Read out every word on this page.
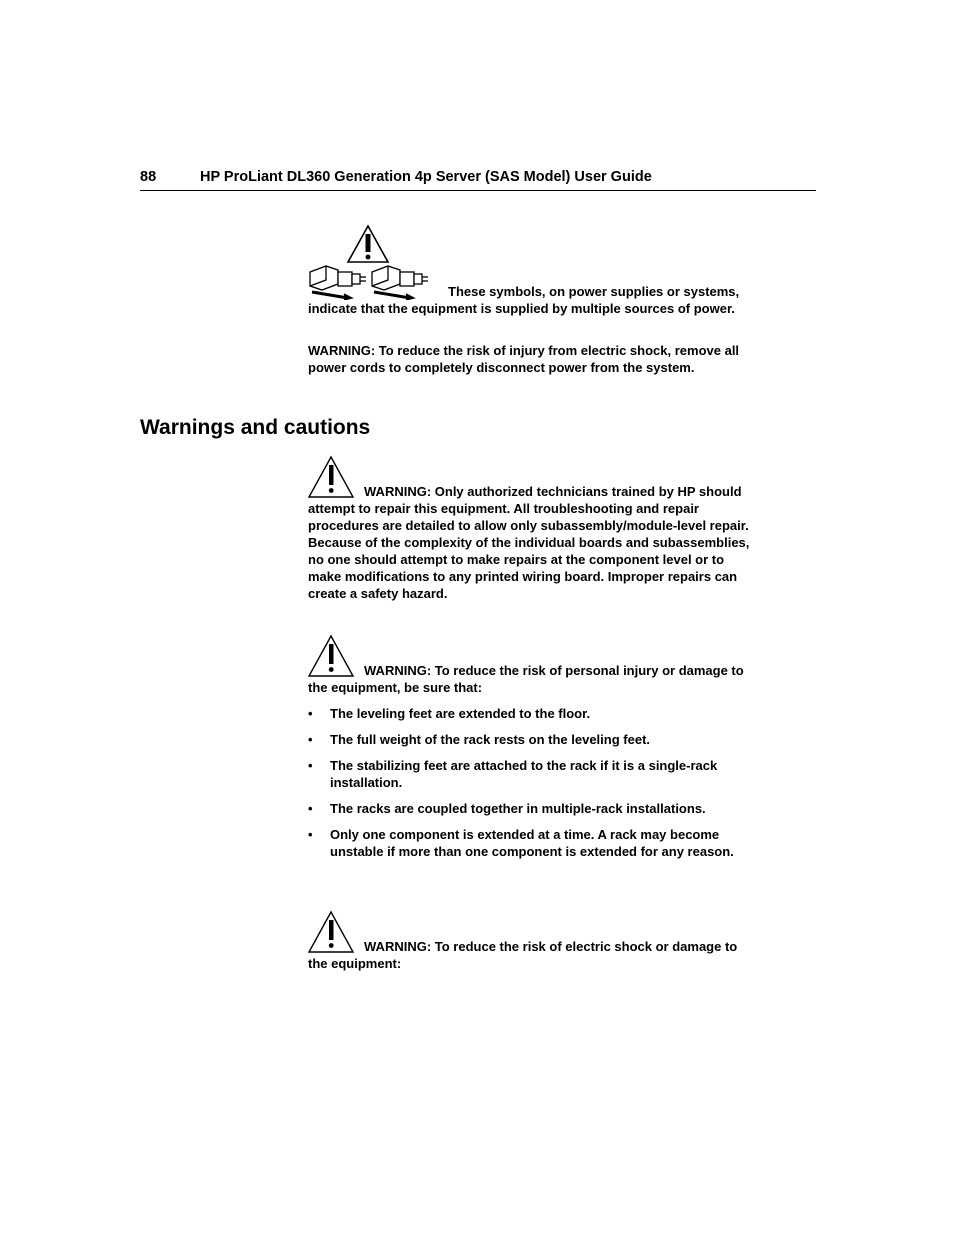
88	HP ProLiant DL360 Generation 4p Server (SAS Model) User Guide

These symbols, on power supplies or systems, indicate that the equipment is supplied by multiple sources of power.

WARNING: To reduce the risk of injury from electric shock, remove all power cords to completely disconnect power from the system.

Warnings and cautions

WARNING: Only authorized technicians trained by HP should attempt to repair this equipment. All troubleshooting and repair procedures are detailed to allow only subassembly/module-level repair. Because of the complexity of the individual boards and subassemblies, no one should attempt to make repairs at the component level or to make modifications to any printed wiring board. Improper repairs can create a safety hazard.

WARNING: To reduce the risk of personal injury or damage to the equipment, be sure that:

• The leveling feet are extended to the floor.
• The full weight of the rack rests on the leveling feet.
• The stabilizing feet are attached to the rack if it is a single-rack installation.
• The racks are coupled together in multiple-rack installations.
• Only one component is extended at a time. A rack may become unstable if more than one component is extended for any reason.

WARNING: To reduce the risk of electric shock or damage to the equipment:
